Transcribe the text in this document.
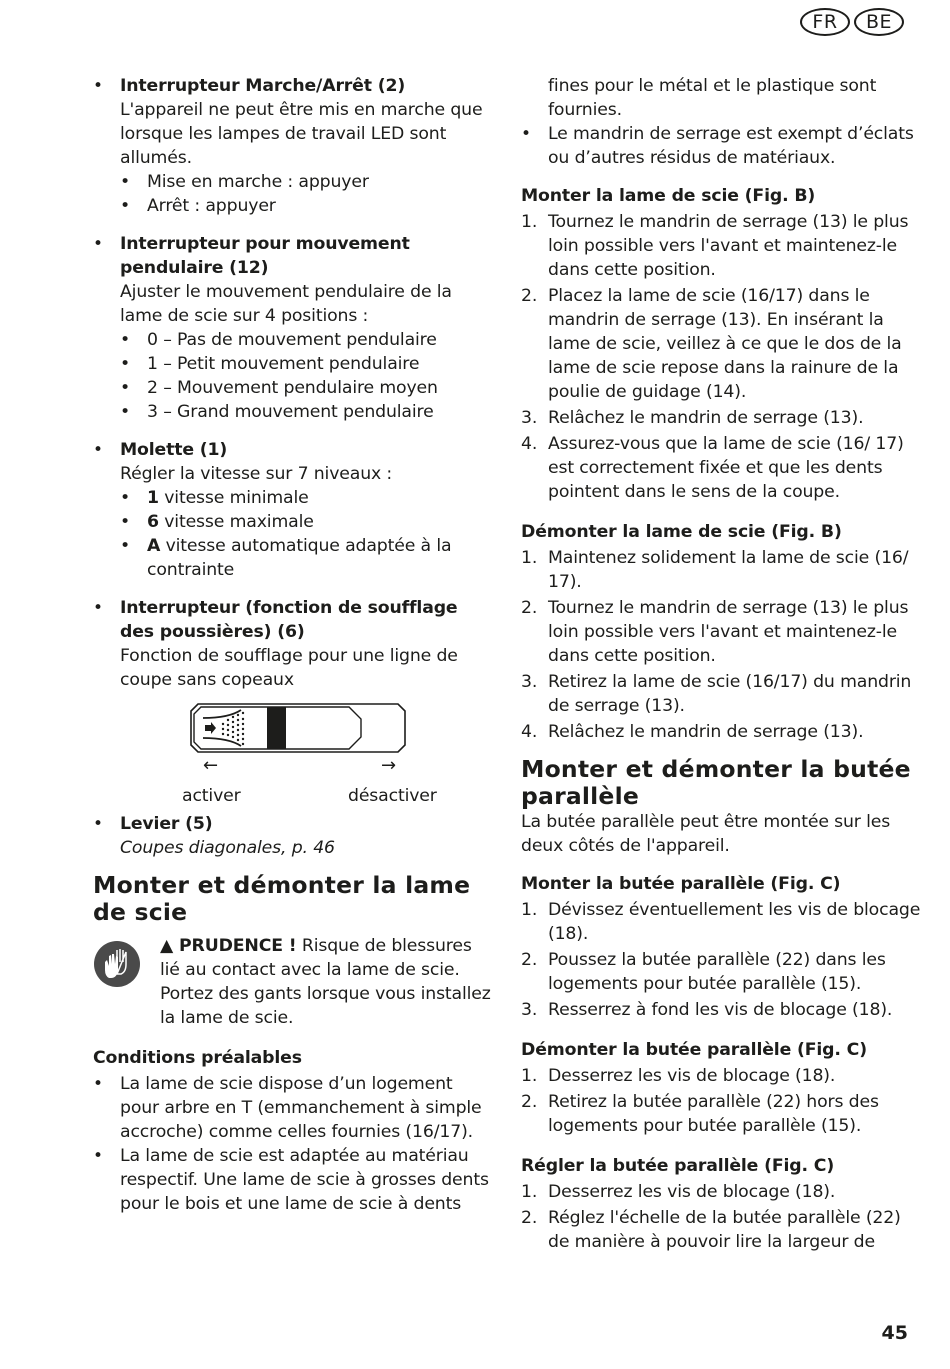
FR	BE
• Interrupteur Marche/Arrêt (2)
L'appareil ne peut être mis en marche que lorsque les lampes de travail LED sont allumés.
• Mise en marche : appuyer
• Arrêt : appuyer
• Interrupteur pour mouvement pendulaire (12)
Ajuster le mouvement pendulaire de la lame de scie sur 4 positions :
• 0 – Pas de mouvement pendulaire
• 1 – Petit mouvement pendulaire
• 2 – Mouvement pendulaire moyen
• 3 – Grand mouvement pendulaire
• Molette (1)
Régler la vitesse sur 7 niveaux :
• 1 vitesse minimale
• 6 vitesse maximale
• A vitesse automatique adaptée à la contrainte
• Interrupteur (fonction de soufflage des poussières) (6)
Fonction de soufflage pour une ligne de coupe sans copeaux
←	→
activer	désactiver
• Levier (5)
Coupes diagonales, p. 46
Monter et démonter la lame de scie
▲ PRUDENCE ! Risque de blessures lié au contact avec la lame de scie. Portez des gants lorsque vous installez la lame de scie.
Conditions préalables
• La lame de scie dispose d’un logement pour arbre en T (emmanchement à simple accroche) comme celles fournies (16/17).
• La lame de scie est adaptée au matériau respectif. Une lame de scie à grosses dents pour le bois et une lame de scie à dents
fines pour le métal et le plastique sont fournies.
• Le mandrin de serrage est exempt d’éclats ou d’autres résidus de matériaux.
Monter la lame de scie (Fig. B)
1. Tournez le mandrin de serrage (13) le plus loin possible vers l'avant et maintenez-le dans cette position.
2. Placez la lame de scie (16/17) dans le mandrin de serrage (13). En insérant la lame de scie, veillez à ce que le dos de la lame de scie repose dans la rainure de la poulie de guidage (14).
3. Relâchez le mandrin de serrage (13).
4. Assurez-vous que la lame de scie (16/ 17) est correctement fixée et que les dents pointent dans le sens de la coupe.
Démonter la lame de scie (Fig. B)
1. Maintenez solidement la lame de scie (16/ 17).
2. Tournez le mandrin de serrage (13) le plus loin possible vers l'avant et maintenez-le dans cette position.
3. Retirez la lame de scie (16/17) du mandrin de serrage (13).
4. Relâchez le mandrin de serrage (13).
Monter et démonter la butée parallèle
La butée parallèle peut être montée sur les deux côtés de l'appareil.
Monter la butée parallèle (Fig. C)
1. Dévissez éventuellement les vis de blocage (18).
2. Poussez la butée parallèle (22) dans les logements pour butée parallèle (15).
3. Resserrez à fond les vis de blocage (18).
Démonter la butée parallèle (Fig. C)
1. Desserrez les vis de blocage (18).
2. Retirez la butée parallèle (22) hors des logements pour butée parallèle (15).
Régler la butée parallèle (Fig. C)
1. Desserrez les vis de blocage (18).
2. Réglez l'échelle de la butée parallèle (22) de manière à pouvoir lire la largeur de
45
